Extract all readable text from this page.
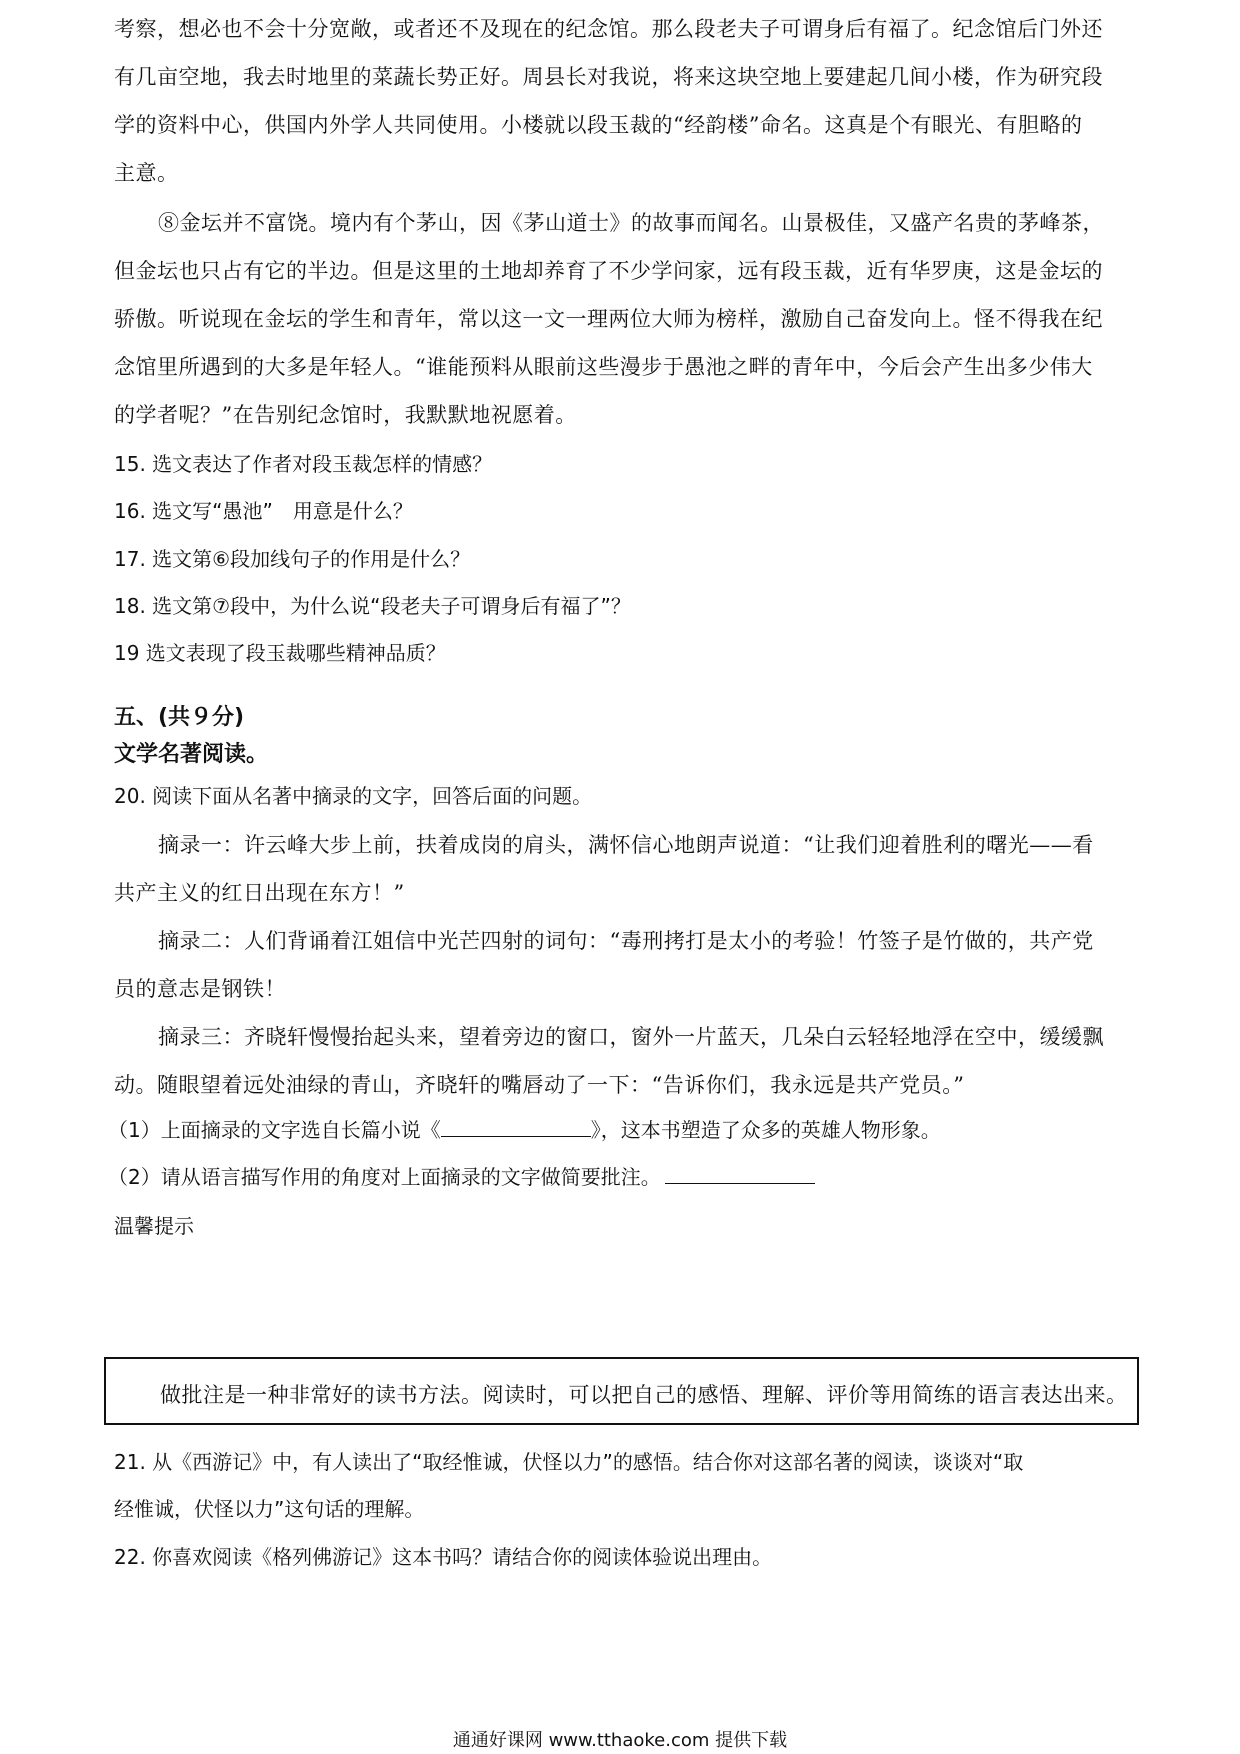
考察，想必也不会十分宽敞，或者还不及现在的纪念馆。那么段老夫子可谓身后有福了。纪念馆后门外还
有几亩空地，我去时地里的菜蔬长势正好。周县长对我说，将来这块空地上要建起几间小楼，作为研究段
学的资料中心，供国内外学人共同使用。小楼就以段玉裁的“经韵楼”命名。这真是个有眼光、有胆略的
主意。
⑧金坛并不富饶。境内有个茅山，因《茅山道士》的故事而闻名。山景极佳，又盛产名贵的茅峰茶，
但金坛也只占有它的半边。但是这里的土地却养育了不少学问家，远有段玉裁，近有华罗庚，这是金坛的
骄傲。听说现在金坛的学生和青年，常以这一文一理两位大师为榜样，激励自己奋发向上。怪不得我在纪
念馆里所遇到的大多是年轻人。“谁能预料从眼前这些漫步于愚池之畔的青年中，今后会产生出多少伟大
的学者呢？”在告别纪念馆时，我默默地祝愿着。
15. 选文表达了作者对段玉裁怎样的情感？
16. 选文写“愚池”　用意是什么？
17. 选文第⑥段加线句子的作用是什么？
18. 选文第⑦段中，为什么说“段老夫子可谓身后有福了”？
19 选文表现了段玉裁哪些精神品质？
五、(共９分)
文学名著阅读。
20. 阅读下面从名著中摘录的文字，回答后面的问题。
摘录一：许云峰大步上前，扶着成岗的肩头，满怀信心地朗声说道：“让我们迎着胜利的曙光——看
共产主义的红日出现在东方！”
摘录二：人们背诵着江姐信中光芒四射的词句：“毒刑拷打是太小的考验！竹签子是竹做的，共产党
员的意志是钢铁！
摘录三：齐晓轩慢慢抬起头来，望着旁边的窗口，窗外一片蓝天，几朵白云轻轻地浮在空中，缓缓飘
动。随眼望着远处油绿的青山，齐晓轩的嘴唇动了一下：“告诉你们，我永远是共产党员。”
（1）上面摘录的文字选自长篇小说《	》，这本书塑造了众多的英雄人物形象。
（2）请从语言描写作用的角度对上面摘录的文字做简要批注。
温馨提示
做批注是一种非常好的读书方法。阅读时，可以把自己的感悟、理解、评价等用简练的语言表达出来。
21. 从《西游记》中，有人读出了“取经惟诚，伏怪以力”的感悟。结合你对这部名著的阅读，谈谈对“取
经惟诚，伏怪以力”这句话的理解。
22. 你喜欢阅读《格列佛游记》这本书吗？请结合你的阅读体验说出理由。
通通好课网 www.tthaoke.com 提供下载
